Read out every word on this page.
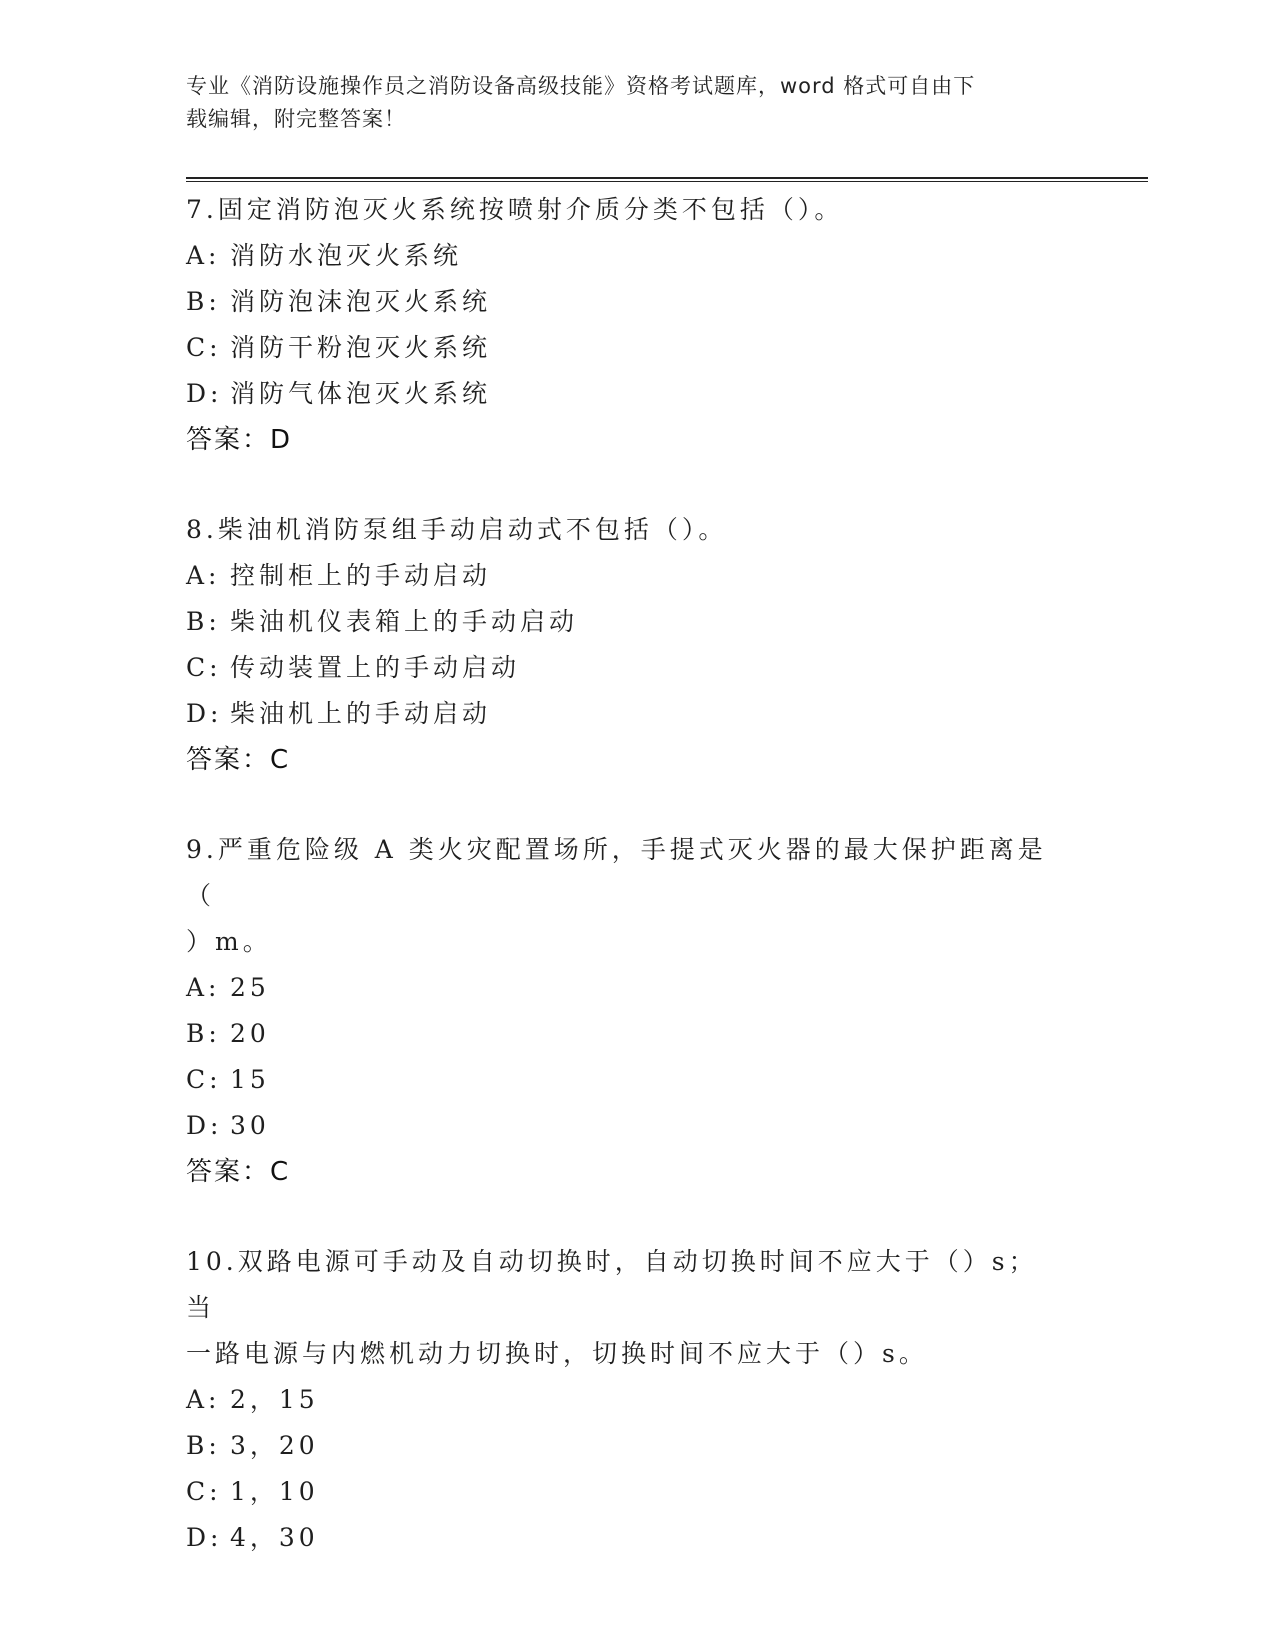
专业《消防设施操作员之消防设备高级技能》资格考试题库，word 格式可自由下
载编辑，附完整答案！

7.固定消防泡灭火系统按喷射介质分类不包括（）。

A: 消防水泡灭火系统

B: 消防泡沫泡灭火系统

C: 消防干粉泡灭火系统

D: 消防气体泡灭火系统

答案：D

8.柴油机消防泵组手动启动式不包括（）。

A: 控制柜上的手动启动

B: 柴油机仪表箱上的手动启动

C: 传动装置上的手动启动

D: 柴油机上的手动启动

答案：C

9.严重危险级 A 类火灾配置场所，手提式灭火器的最大保护距离是（

）m。

A: 25

B: 20

C: 15

D: 30

答案：C

10.双路电源可手动及自动切换时，自动切换时间不应大于（）s；当

一路电源与内燃机动力切换时，切换时间不应大于（）s。

A: 2，15

B: 3，20

C: 1，10

D: 4，30
